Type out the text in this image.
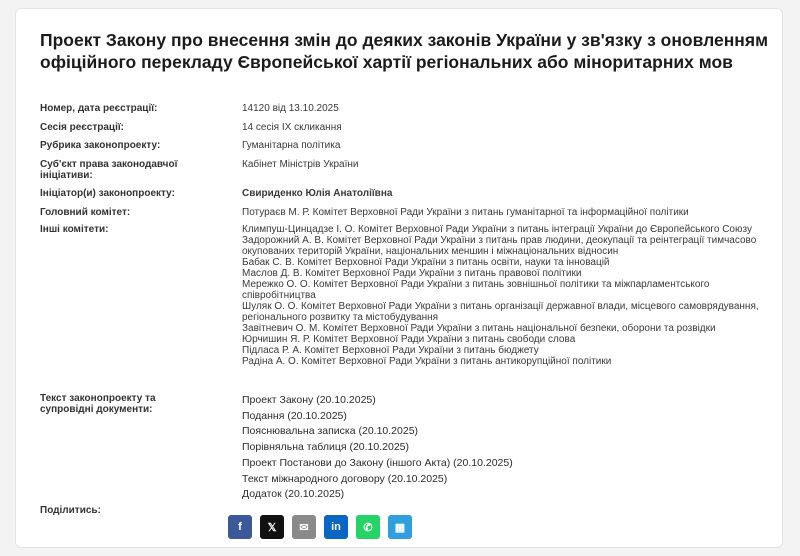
Проект Закону про внесення змін до деяких законів України у зв'язку з оновленням офіційного перекладу Європейської хартії регіональних або міноритарних мов
Номер, дата реєстрації:	14120 від 13.10.2025
Сесія реєстрації:	14 сесія IX скликання
Рубрика законопроекту:	Гуманітарна політика
Суб'єкт права законодавчої ініціативи:
Кабінет Міністрів України
Ініціатор(и) законопроекту:	Свириденко Юлія Анатоліївна
Головний комітет:	Потураєв М. Р. Комітет Верховної Ради України з питань гуманітарної та інформаційної політики
Інші комітети:	Климпуш-Цинцадзе І. О. Комітет Верховної Ради України з питань інтеграції України до Європейського Союзу
Задорожний А. В. Комітет Верховної Ради України з питань прав людини, деокупації та реінтеграції тимчасово окупованих територій України, національних меншин і міжнаціональних відносин
Бабак С. В. Комітет Верховної Ради України з питань освіти, науки та інновацій
Маслов Д. В. Комітет Верховної Ради України з питань правової політики
Мережко О. О. Комітет Верховної Ради України з питань зовнішньої політики та міжпарламентського співробітництва
Шуляк О. О. Комітет Верховної Ради України з питань організації державної влади, місцевого самоврядування, регіонального розвитку та містобудування
Завітневич О. М. Комітет Верховної Ради України з питань національної безпеки, оборони та розвідки
Юрчишин Я. Р. Комітет Верховної Ради України з питань свободи слова
Підласа Р. А. Комітет Верховної Ради України з питань бюджету
Радіна А. О. Комітет Верховної Ради України з питань антикорупційної політики
Текст законопроекту та супровідні документи:
Проект Закону (20.10.2025)
Подання (20.10.2025)
Пояснювальна записка (20.10.2025)
Порівняльна таблиця (20.10.2025)
Проект Постанови до Закону (іншого Акта) (20.10.2025)
Текст міжнародного договору (20.10.2025)
Додаток (20.10.2025)
Поділитись:
f 𝕏 ✉ in ✆ ▦
